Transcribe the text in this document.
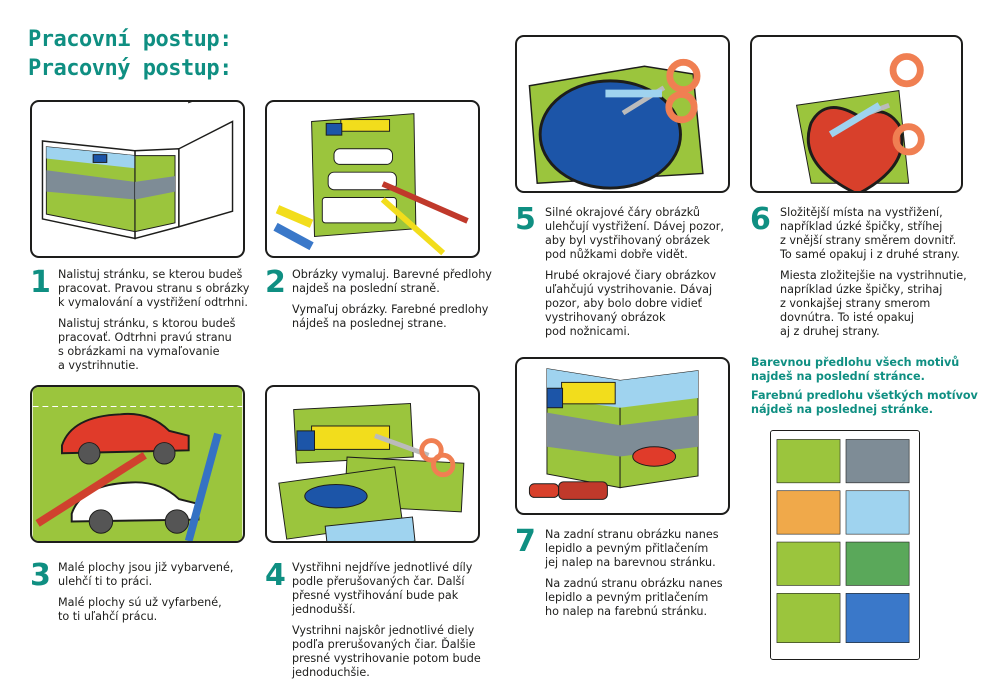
Pracovní postup:
Pracovný postup:
1 Nalistuj stránku, se kterou budeš
pracovat. Pravou stranu s obrázky
k vymalování a vystřižení odtrhni.

Nalistuj stránku, s ktorou budeš
pracovať. Odtrhni pravú stranu
s obrázkami na vymaľovanie
a vystrihnutie.

2 Obrázky vymaluj. Barevné předlohy
najdeš na poslední straně.

Vymaľuj obrázky. Farebné predlohy
nájdeš na poslednej strane.

3 Malé plochy jsou již vybarvené,
ulehčí ti to práci.

Malé plochy sú už vyfarbené,
to ti uľahčí prácu.

4 Vystřihni nejdříve jednotlivé díly
podle přerušovaných čar. Další
přesné vystřihování bude pak
jednodušší.

Vystrihni najskôr jednotlivé diely
podľa prerušovaných čiar. Ďalšie
presné vystrihovanie potom bude
jednoduchšie.

5 Silné okrajové čáry obrázků
ulehčují vystřižení. Dávej pozor,
aby byl vystřihovaný obrázek
pod nůžkami dobře vidět.

Hrubé okrajové čiary obrázkov
uľahčujú vystrihovanie. Dávaj
pozor, aby bolo dobre vidieť
vystrihovaný obrázok
pod nožnicami.

6 Složitější místa na vystřižení,
například úzké špičky, stříhej
z vnější strany směrem dovnitř.
To samé opakuj i z druhé strany.

Miesta zložitejšie na vystrihnutie,
napríklad úzke špičky, strihaj
z vonkajšej strany smerom
dovnútra. To isté opakuj
aj z druhej strany.

7 Na zadní stranu obrázku nanes
lepidlo a pevným přitlačením
jej nalep na barevnou stránku.

Na zadnú stranu obrázku nanes
lepidlo a pevným pritlačením
ho nalep na farebnú stránku.

Barevnou předlohu všech motivů
najdeš na poslední stránce.
Farebnú predlohu všetkých motívov
nájdeš na poslednej stránke.
